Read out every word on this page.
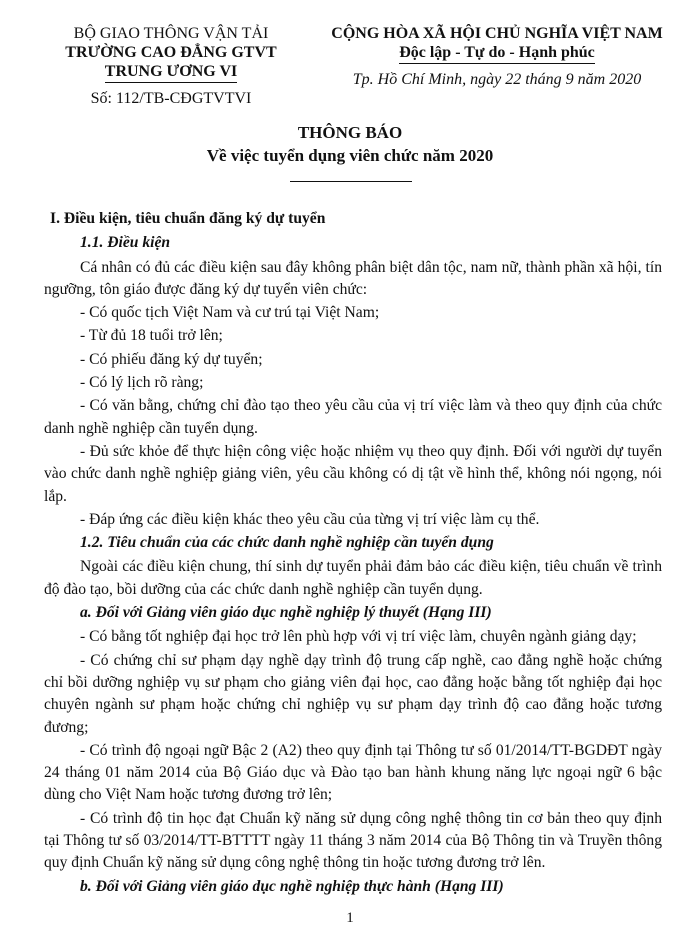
BỘ GIAO THÔNG VẬN TẢI
TRƯỜNG CAO ĐẲNG GTVT
TRUNG ƯƠNG VI
Số: 112/TB-CĐGTVTVI
CỘNG HÒA XÃ HỘI CHỦ NGHĨA VIỆT NAM
Độc lập - Tự do - Hạnh phúc
Tp. Hồ Chí Minh, ngày 22 tháng 9 năm 2020
THÔNG BÁO
Về việc tuyển dụng viên chức năm 2020

I. Điều kiện, tiêu chuẩn đăng ký dự tuyển

1.1. Điều kiện

Cá nhân có đủ các điều kiện sau đây không phân biệt dân tộc, nam nữ, thành phần xã hội, tín ngưỡng, tôn giáo được đăng ký dự tuyển viên chức:

- Có quốc tịch Việt Nam và cư trú tại Việt Nam;

- Từ đủ 18 tuổi trở lên;

- Có phiếu đăng ký dự tuyển;

- Có lý lịch rõ ràng;

- Có văn bằng, chứng chỉ đào tạo theo yêu cầu của vị trí việc làm và theo quy định của chức danh nghề nghiệp cần tuyển dụng.

- Đủ sức khỏe để thực hiện công việc hoặc nhiệm vụ theo quy định. Đối với người dự tuyển vào chức danh nghề nghiệp giảng viên, yêu cầu không có dị tật về hình thể, không nói ngọng, nói lắp.

- Đáp ứng các điều kiện khác theo yêu cầu của từng vị trí việc làm cụ thể.

1.2. Tiêu chuẩn của các chức danh nghề nghiệp cần tuyển dụng

Ngoài các điều kiện chung, thí sinh dự tuyển phải đảm bảo các điều kiện, tiêu chuẩn về trình độ đào tạo, bồi dưỡng của các chức danh nghề nghiệp cần tuyển dụng.

a. Đối với Giảng viên giáo dục nghề nghiệp lý thuyết (Hạng III)

- Có bằng tốt nghiệp đại học trở lên phù hợp với vị trí việc làm, chuyên ngành giảng dạy;

- Có chứng chỉ sư phạm dạy nghề dạy trình độ trung cấp nghề, cao đẳng nghề hoặc chứng chỉ bồi dưỡng nghiệp vụ sư phạm cho giảng viên đại học, cao đẳng hoặc bằng tốt nghiệp đại học chuyên ngành sư phạm hoặc chứng chỉ nghiệp vụ sư phạm dạy trình độ cao đẳng hoặc tương đương;

- Có trình độ ngoại ngữ Bậc 2 (A2) theo quy định tại Thông tư số 01/2014/TT-BGDĐT ngày 24 tháng 01 năm 2014 của Bộ Giáo dục và Đào tạo ban hành khung năng lực ngoại ngữ 6 bậc dùng cho Việt Nam hoặc tương đương trở lên;

- Có trình độ tin học đạt Chuẩn kỹ năng sử dụng công nghệ thông tin cơ bản theo quy định tại Thông tư số 03/2014/TT-BTTTT ngày 11 tháng 3 năm 2014 của Bộ Thông tin và Truyền thông quy định Chuẩn kỹ năng sử dụng công nghệ thông tin hoặc tương đương trở lên.

b. Đối với Giảng viên giáo dục nghề nghiệp thực hành (Hạng III)

1
